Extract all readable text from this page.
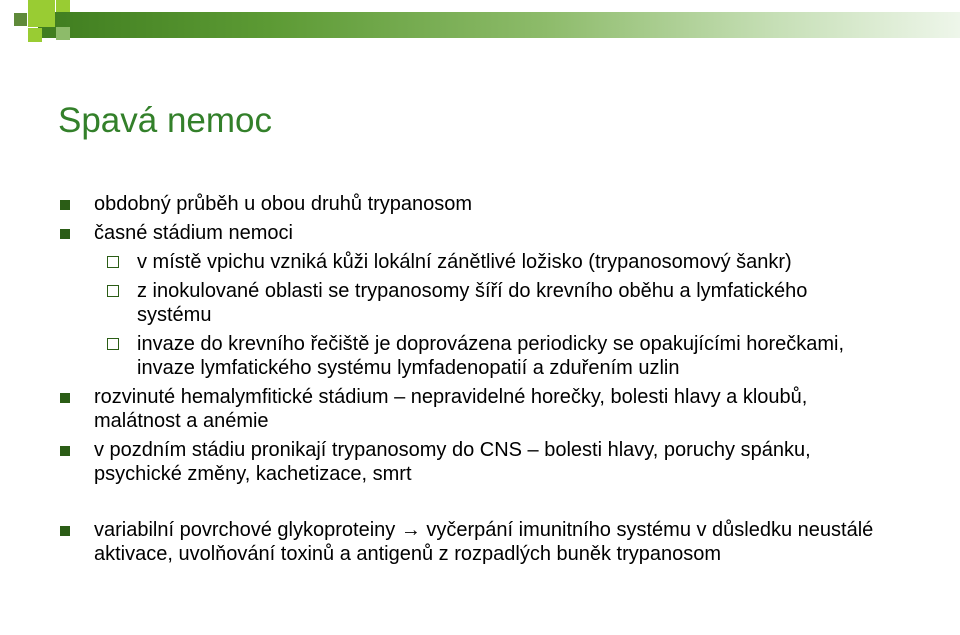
Spavá nemoc
obdobný průběh u obou druhů trypanosom
časné stádium nemoci
v místě vpichu vzniká kůži lokální zánětlivé ložisko (trypanosomový šankr)
z inokulované oblasti se trypanosomy šíří do krevního oběhu a lymfatického systému
invaze do krevního řečiště je doprovázena periodicky se opakujícími horečkami, invaze lymfatického systému lymfadenopatií a zduřením uzlin
rozvinuté hemalymfitické stádium – nepravidelné horečky, bolesti hlavy a kloubů, malátnost a anémie
v pozdním stádiu pronikají trypanosomy do CNS – bolesti hlavy, poruchy spánku, psychické změny, kachetizace, smrt
variabilní povrchové glykoproteiny → vyčerpání imunitního systému v důsledku neustálé aktivace, uvolňování toxinů a antigenů z rozpadlých buněk trypanosom
